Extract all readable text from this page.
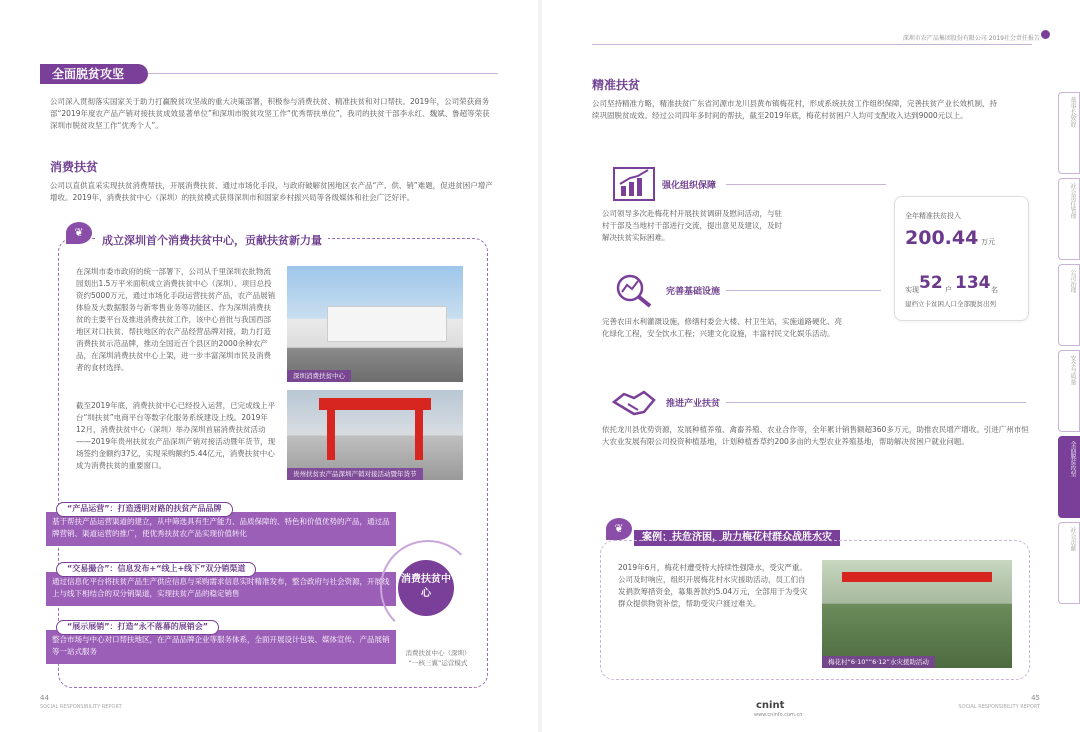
全面脱贫攻坚
公司深入贯彻落实国家关于助力打赢脱贫攻坚战的重大决策部署，积极参与消费扶贫、精准扶贫和对口帮扶。2019年，公司荣获商务部“2019年度农产品产销对接扶贫成效显著单位”和深圳市脱贫攻坚工作“优秀帮扶单位”，我司的扶贫干部李永红、魏斌、鲁超等荣获深圳市脱贫攻坚工作“优秀个人”。
消费扶贫
公司以直供直采实现扶贫消费帮扶，开展消费扶贫、通过市场化手段，与政府破解贫困地区农产品“产、供、销”难题，促进贫困户增产增收。2019年，消费扶贫中心（深圳）的扶贫模式获得深圳市和国家乡村振兴局等各级媒体和社会广泛好评。
❦
成立深圳首个消费扶贫中心，贡献扶贫新力量
在深圳市委市政府的统一部署下，公司从千里深圳农批物流园划出1.5万平米面积成立消费扶贫中心（深圳）、项目总投资约5000万元，通过市场化手段运营扶贫产品，农产品展销体验及大数据服务与新零售业务等功能区、作为深圳消费扶贫的主要平台及推进消费扶贫工作，该中心首批与我国西部地区对口扶贫、帮扶地区的农产品经营品牌对接，助力打造消费扶贫示范品牌，推动全国近百个县区的2000余种农产品，在深圳消费扶贫中心上架，进一步丰富深圳市民及消费者的食材选择。
截至2019年底，消费扶贫中心已经投入运营，已完成线上平台“圳扶贫”电商平台等数字化服务系统建设上线。2019年12月，消费扶贫中心（深圳）举办深圳首届消费扶贫活动——2019年贵州扶贫农产品深圳产销对接活动暨年货节，现场签约金额约37亿，实现采购额约5.44亿元，消费扶贫中心成为消费扶贫的重要窗口。
深圳消费扶贫中心
贵州扶贫农产品深圳产销对接活动暨年货节
基于帮扶产品运营渠道的建立，从中筛选具有生产能力、品质保障的、特色和价值优势的产品，通过品牌营销、渠道运营的推广，使优秀扶贫农产品实现价值转化
“产品运营”：打造透明对路的扶贫产品品牌
通过信息化平台将扶贫产品生产供应信息与采购需求信息实时精准发布，整合政府与社会资源，开展线上与线下相结合的双分销渠道，实现扶贫产品的稳定销售
“交易撮合”：信息发布+“线上+线下”双分销渠道
整合市场与中心对口帮扶地区，在产品品牌企业等服务体系，全面开展设计包装、媒体宣传、产品展销等一站式服务
“展示展销”：打造“永不落幕的展销会”
消费扶贫中心
消费扶贫中心（深圳）
“一核三翼”运营模式
44
SOCIAL RESPONSIBILITY REPORT
深圳市农产品集团股份有限公司 2019社会责任报告
精准扶贫
公司坚持精准方略，精准扶贫广东省河源市龙川县黄布镇梅花村，形成系统扶贫工作组织保障，完善扶贫产业长效机制，持续巩固脱贫成效。经过公司四年多时间的帮扶，截至2019年底，梅花村贫困户人均可支配收入达到9000元以上。
强化组织保障
公司领导多次赴梅花村开展扶贫调研及慰问活动，与驻村干部及当地村干部进行交流，提出意见及建议，及时解决扶贫实际困难。
全年精准扶贫投入
200.44 万元
实现 52 户 134 名
建档立卡贫困人口全部脱贫出列
完善基础设施
完善农田水利灌溉设施，修缮村委会大楼、村卫生站，实施道路硬化、亮化绿化工程，安全饮水工程；兴建文化设施，丰富村民文化娱乐活动。
推进产业扶贫
依托龙川县优势资源，发展种植养殖、禽畜养殖、农业合作等，全年累计销售额超360多万元，助推农民增产增收。引进广州市恒大农业发展有限公司投资种植基地，计划种植香草约200多亩的大型农业养殖基地，帮助解决贫困户就业问题。
❦
案例：扶危济困，助力梅花村群众战胜水灾
2019年6月，梅花村遭受特大持续性强降水，受灾严重。公司及时响应，组织开展梅花村水灾援助活动，员工们自发捐款筹措资金，募集善款约5.04万元，全部用于为受灾群众提供物资补偿，帮助受灾户渡过难关。
梅花村“6·10”“6·12”水灾援助活动
cnint
www.cninfo.com.cn
45
SOCIAL RESPONSIBILITY REPORT
董事长致辞
社会责任管理
公司治理
安全与质量
全面脱贫攻坚
社会贡献
